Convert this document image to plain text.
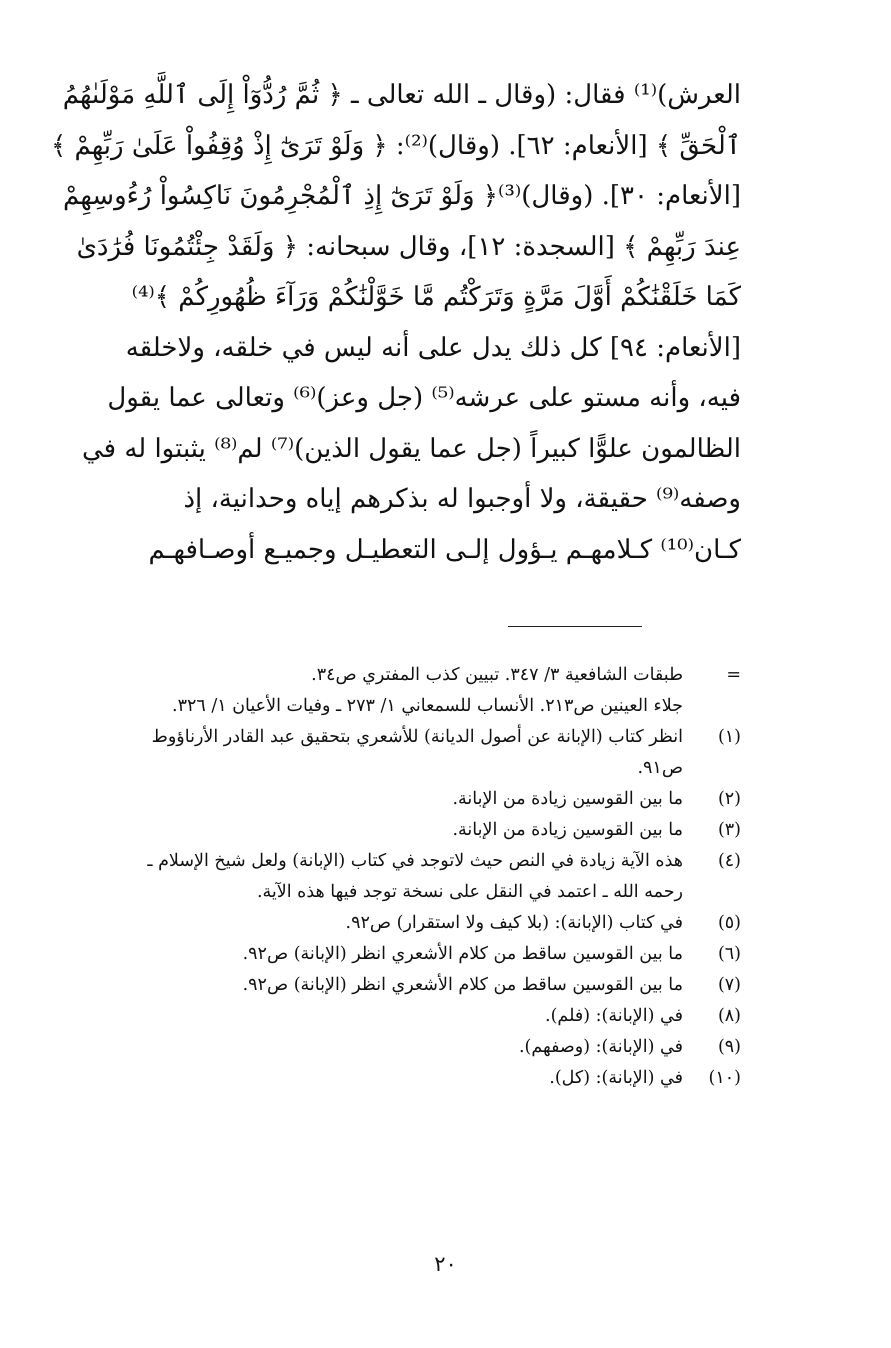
العرش)⁽¹⁾ فقال: (وقال ـ الله تعالى ـ ﴿ ثُمَّ رُدُّوٓاْ إِلَى ٱللَّهِ مَوْلَىٰهُمُ
ٱلْحَقِّ ﴾ [الأنعام: ٦٢]. (وقال)⁽²⁾: ﴿ وَلَوْ تَرَىٰٓ إِذْ وُقِفُواْ عَلَىٰ رَبِّهِمْ ﴾
[الأنعام: ٣٠]. (وقال)⁽³⁾﴿ وَلَوْ تَرَىٰٓ إِذِ ٱلْمُجْرِمُونَ نَاكِسُواْ رُءُوسِهِمْ
عِندَ رَبِّهِمْ ﴾ [السجدة: ١٢]، وقال سبحانه: ﴿ وَلَقَدْ جِئْتُمُونَا فُرَٰدَىٰ
كَمَا خَلَقْنَٰكُمْ أَوَّلَ مَرَّةٍ وَتَرَكْتُم مَّا خَوَّلْنَٰكُمْ وَرَآءَ ظُهُورِكُمْ ﴾⁽⁴⁾
[الأنعام: ٩٤] كل ذلك يدل على أنه ليس في خلقه، ولاخلقه
فيه، وأنه مستو على عرشه⁽⁵⁾ (جل وعز)⁽⁶⁾ وتعالى عما يقول
الظالمون علوًّا كبيراً (جل عما يقول الذين)⁽⁷⁾ لم⁽⁸⁾ يثبتوا له في
وصفه⁽⁹⁾ حقيقة، ولا أوجبوا له بذكرهم إياه وحدانية، إذ
كـان⁽¹⁰⁾ كـلامهـم يـؤول إلـى التعطيـل وجميـع أوصـافهـم
=
طبقات الشافعية ٣/ ٣٤٧. تبيين كذب المفتري ص٣٤.
جلاء العينين ص٢١٣. الأنساب للسمعاني ١/ ٢٧٣ ـ وفيات الأعيان ١/ ٣٢٦.
(١)
انظر كتاب (الإبانة عن أصول الديانة) للأشعري بتحقيق عبد القادر الأرناؤوط
ص٩١.
(٢)
ما بين القوسين زيادة من الإبانة.
(٣)
ما بين القوسين زيادة من الإبانة.
(٤)
هذه الآية زيادة في النص حيث لاتوجد في كتاب (الإبانة) ولعل شيخ الإسلام ـ
رحمه الله ـ اعتمد في النقل على نسخة توجد فيها هذه الآية.
(٥)
في كتاب (الإبانة): (بلا كيف ولا استقرار) ص٩٢.
(٦)
ما بين القوسين ساقط من كلام الأشعري انظر (الإبانة) ص٩٢.
(٧)
ما بين القوسين ساقط من كلام الأشعري انظر (الإبانة) ص٩٢.
(٨)
في (الإبانة): (فلم).
(٩)
في (الإبانة): (وصفهم).
(١٠)
في (الإبانة): (كل).
٢٠
